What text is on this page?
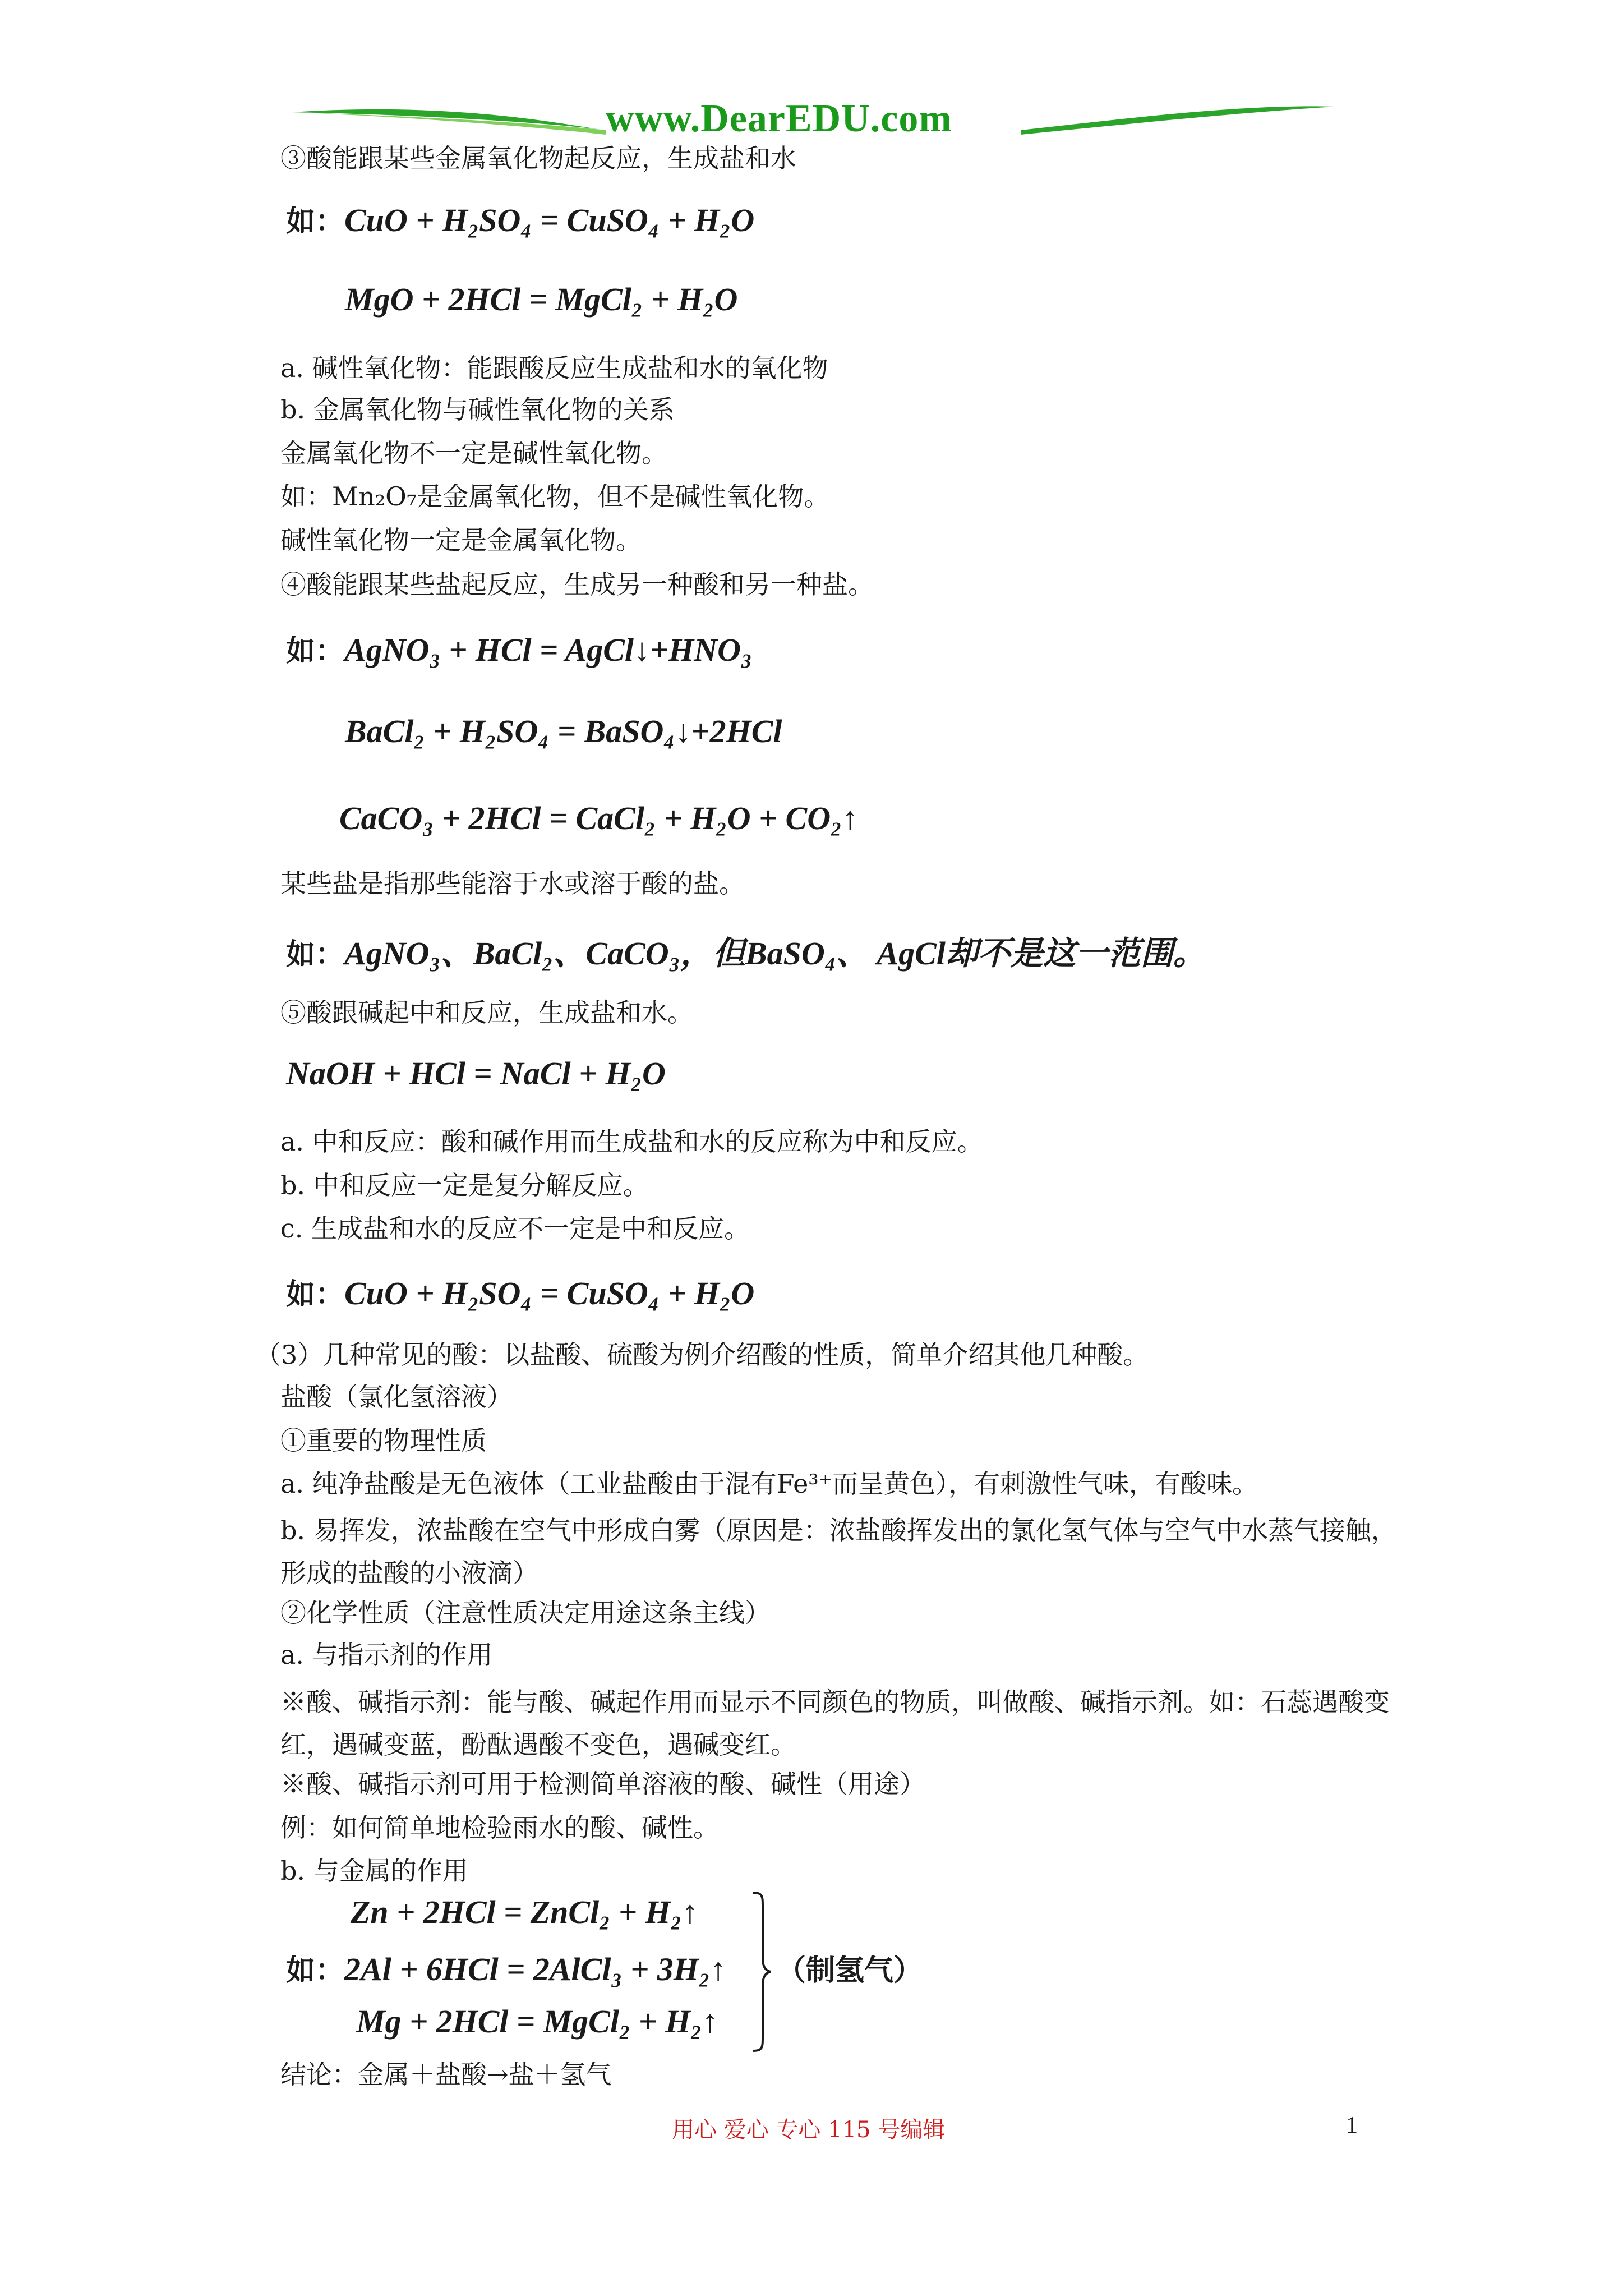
www.DearEDU.com
③酸能跟某些金属氧化物起反应，生成盐和水
如：CuO + H₂SO₄ = CuSO₄ + H₂O
MgO + 2HCl = MgCl₂ + H₂O
a. 碱性氧化物：能跟酸反应生成盐和水的氧化物
b. 金属氧化物与碱性氧化物的关系
金属氧化物不一定是碱性氧化物。
如：Mn₂O₇是金属氧化物，但不是碱性氧化物。
碱性氧化物一定是金属氧化物。
④酸能跟某些盐起反应，生成另一种酸和另一种盐。
如：AgNO₃ + HCl = AgCl↓+HNO₃
BaCl₂ + H₂SO₄ = BaSO₄↓+2HCl
CaCO₃ + 2HCl = CaCl₂ + H₂O + CO₂↑
某些盐是指那些能溶于水或溶于酸的盐。
如：AgNO₃、BaCl₂、CaCO₃，但BaSO₄、 AgCl却不是这一范围。
⑤酸跟碱起中和反应，生成盐和水。
NaOH + HCl = NaCl + H₂O
a. 中和反应：酸和碱作用而生成盐和水的反应称为中和反应。
b. 中和反应一定是复分解反应。
c. 生成盐和水的反应不一定是中和反应。
如：CuO + H₂SO₄ = CuSO₄ + H₂O
（3）几种常见的酸：以盐酸、硫酸为例介绍酸的性质，简单介绍其他几种酸。
盐酸（氯化氢溶液）
①重要的物理性质
a. 纯净盐酸是无色液体（工业盐酸由于混有Fe³⁺而呈黄色），有刺激性气味，有酸味。
b. 易挥发，浓盐酸在空气中形成白雾（原因是：浓盐酸挥发出的氯化氢气体与空气中水蒸气接触，形成的盐酸的小液滴）
②化学性质（注意性质决定用途这条主线）
a. 与指示剂的作用
※酸、碱指示剂：能与酸、碱起作用而显示不同颜色的物质，叫做酸、碱指示剂。如：石蕊遇酸变红，遇碱变蓝，酚酞遇酸不变色，遇碱变红。
※酸、碱指示剂可用于检测简单溶液的酸、碱性（用途）
例：如何简单地检验雨水的酸、碱性。
b. 与金属的作用
Zn + 2HCl = ZnCl₂ + H₂↑
如：2Al + 6HCl = 2AlCl₃ + 3H₂↑
Mg + 2HCl = MgCl₂ + H₂↑
（制氢气）
结论：金属＋盐酸→盐＋氢气
用心 爱心 专心 115 号编辑	1
